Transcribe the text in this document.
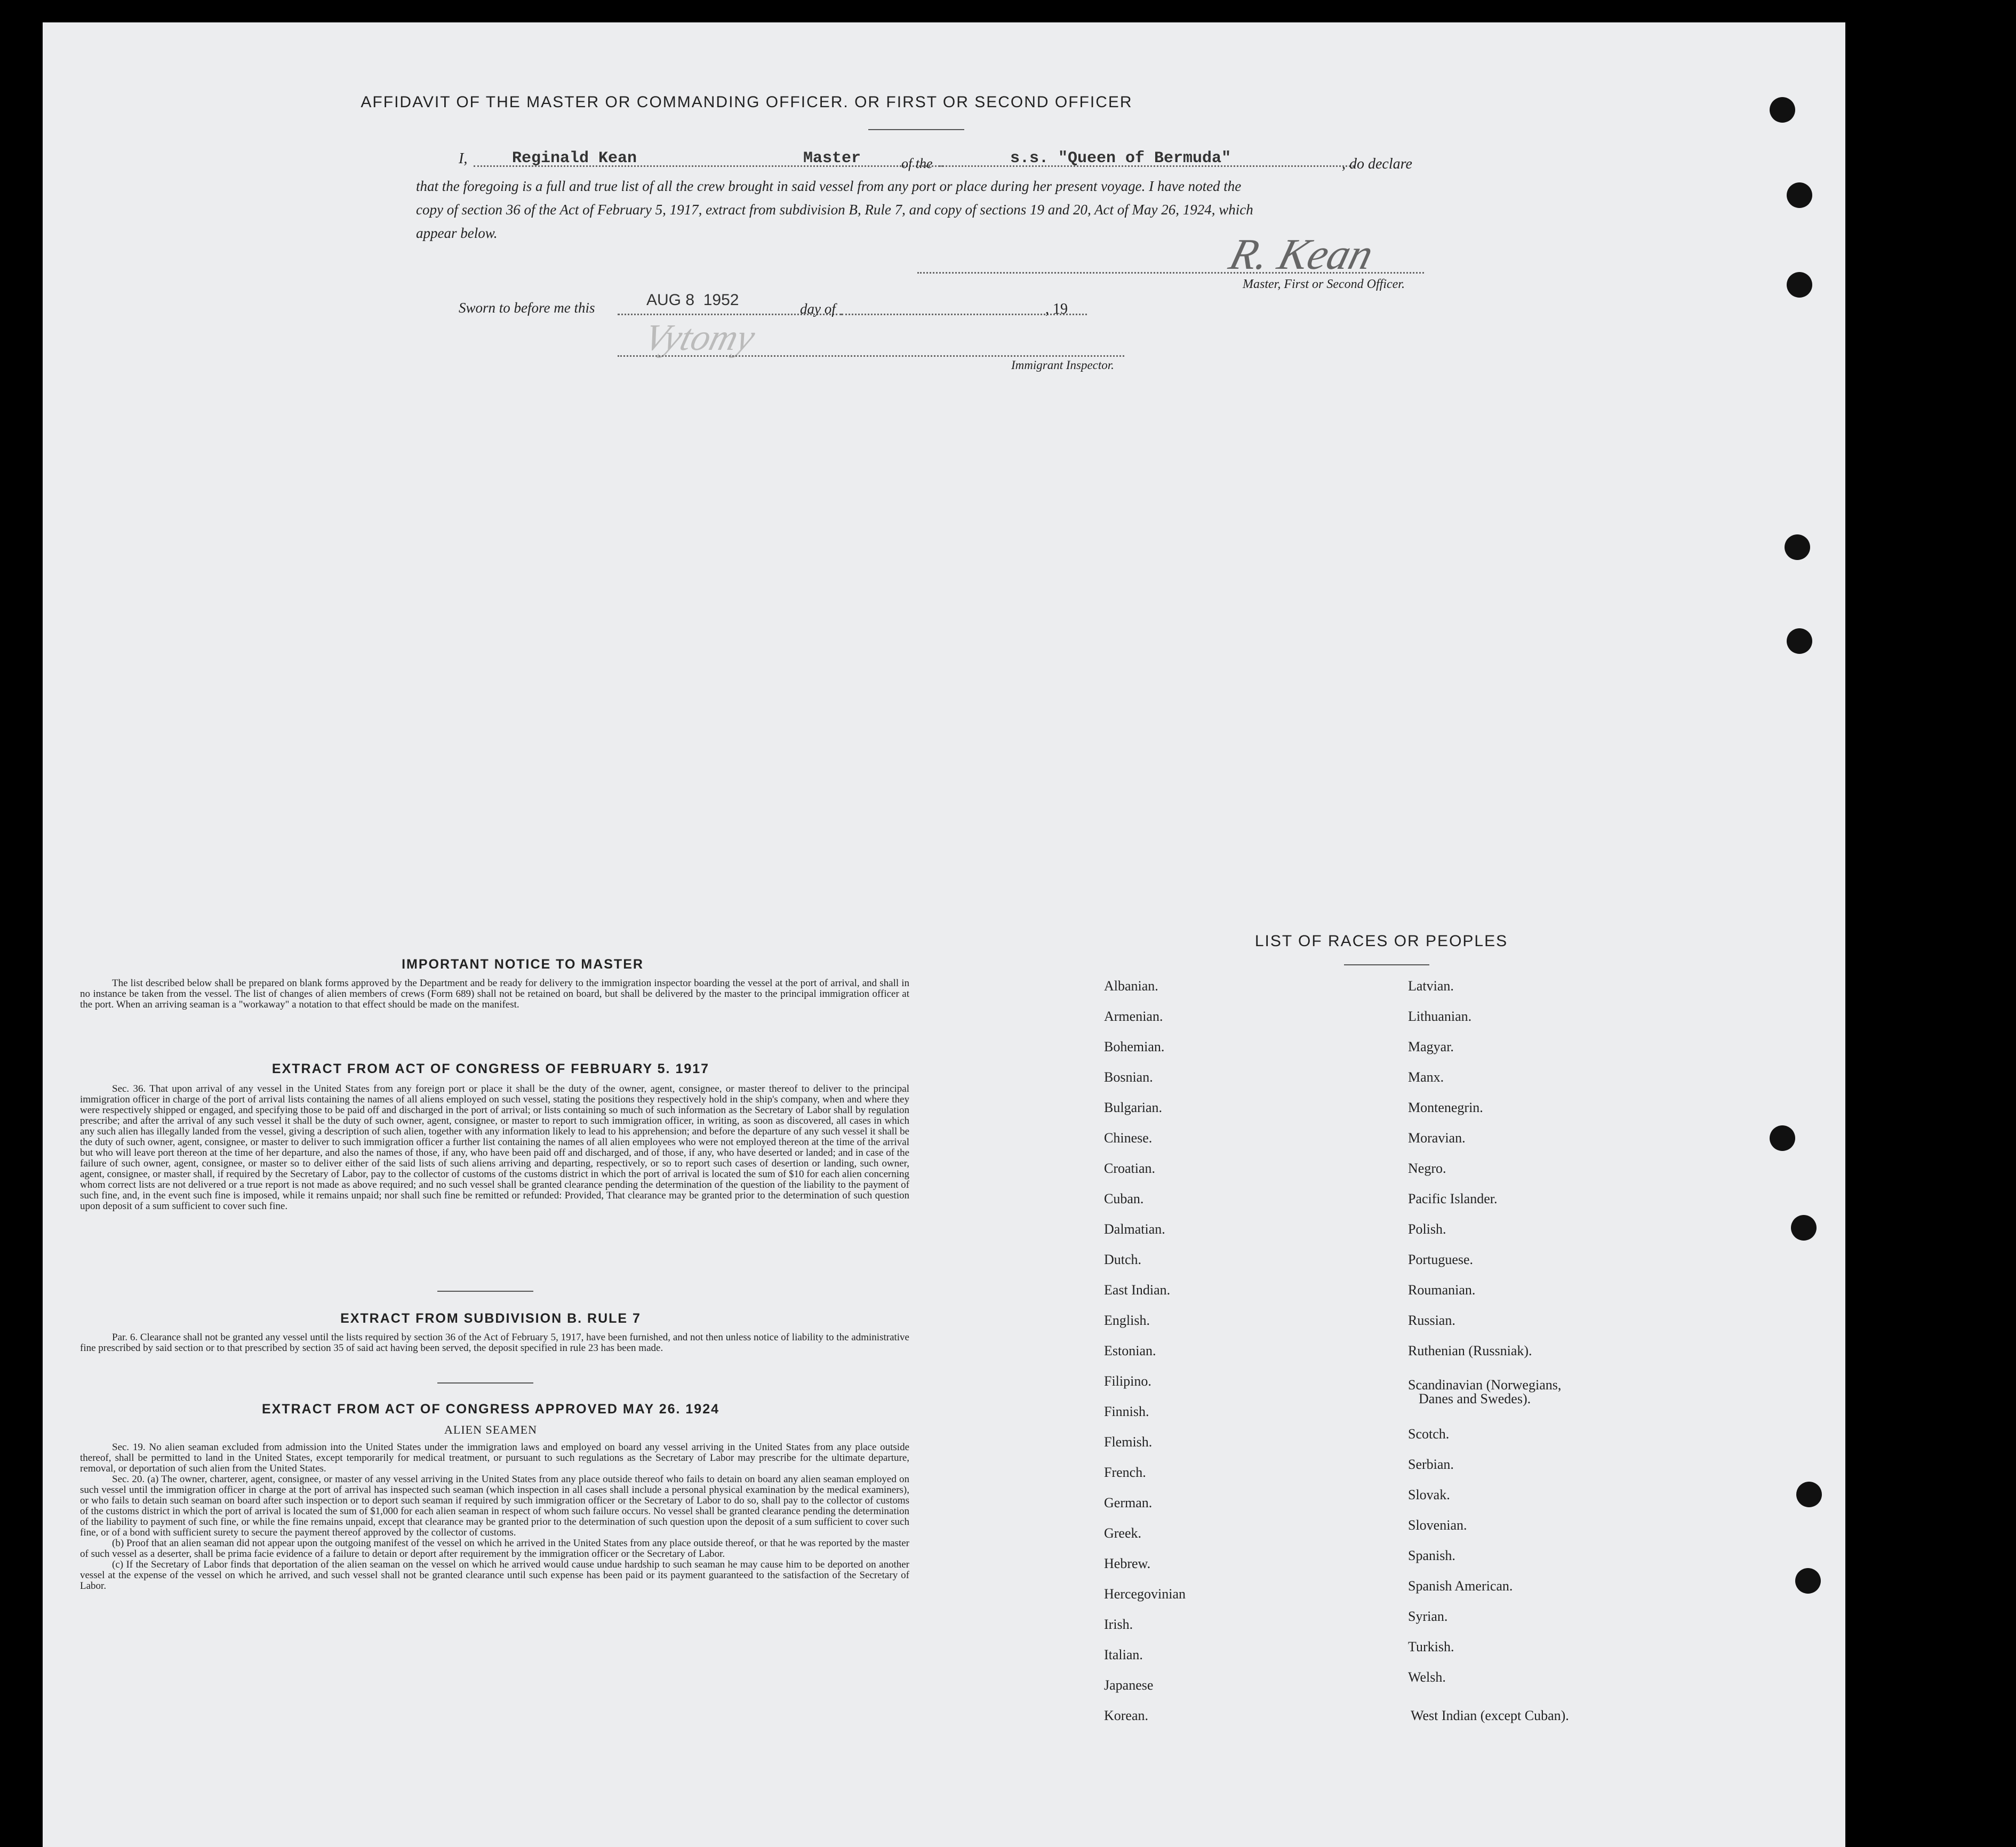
AFFIDAVIT OF THE MASTER OR COMMANDING OFFICER. OR FIRST OR SECOND OFFICER
I,	Reginald Kean	Master	of the	s.s. "Queen of Bermuda"	, do declare
that the foregoing is a full and true list of all the crew brought in said vessel from any port or place during her present voyage. I have noted the
copy of section 36 of the Act of February 5, 1917, extract from subdivision B, Rule 7, and copy of sections 19 and 20, Act of May 26, 1924, which
appear below.	R. Kean
Master, First or Second Officer.
Sworn to before me this	AUG 8  1952	day of	, 19
Vytomy
Immigrant Inspector.
IMPORTANT NOTICE TO MASTER

The list described below shall be prepared on blank forms approved by the Department and be ready for delivery to the immigration inspector boarding the vessel at the port of arrival, and shall in no instance be taken from the vessel. The list of changes of alien members of crews (Form 689) shall not be retained on board, but shall be delivered by the master to the principal immigration officer at the port. When an arriving seaman is a "workaway" a notation to that effect should be made on the manifest.

EXTRACT FROM ACT OF CONGRESS OF FEBRUARY 5. 1917

Sec. 36. That upon arrival of any vessel in the United States from any foreign port or place it shall be the duty of the owner, agent, consignee, or master thereof to deliver to the principal immigration officer in charge of the port of arrival lists containing the names of all aliens employed on such vessel, stating the positions they respectively hold in the ship's company, when and where they were respectively shipped or engaged, and specifying those to be paid off and discharged in the port of arrival; or lists containing so much of such information as the Secretary of Labor shall by regulation prescribe; and after the arrival of any such vessel it shall be the duty of such owner, agent, consignee, or master to report to such immigration officer, in writing, as soon as discovered, all cases in which any such alien has illegally landed from the vessel, giving a description of such alien, together with any information likely to lead to his apprehension; and before the departure of any such vessel it shall be the duty of such owner, agent, consignee, or master to deliver to such immigration officer a further list containing the names of all alien employees who were not employed thereon at the time of the arrival but who will leave port thereon at the time of her departure, and also the names of those, if any, who have been paid off and discharged, and of those, if any, who have deserted or landed; and in case of the failure of such owner, agent, consignee, or master so to deliver either of the said lists of such aliens arriving and departing, respectively, or so to report such cases of desertion or landing, such owner, agent, consignee, or master shall, if required by the Secretary of Labor, pay to the collector of customs of the customs district in which the port of arrival is located the sum of $10 for each alien concerning whom correct lists are not delivered or a true report is not made as above required; and no such vessel shall be granted clearance pending the determination of the question of the liability to the payment of such fine, and, in the event such fine is imposed, while it remains unpaid; nor shall such fine be remitted or refunded: Provided, That clearance may be granted prior to the determination of such question upon deposit of a sum sufficient to cover such fine.

EXTRACT FROM SUBDIVISION B. RULE 7

Par. 6. Clearance shall not be granted any vessel until the lists required by section 36 of the Act of February 5, 1917, have been furnished, and not then unless notice of liability to the administrative fine prescribed by said section or to that prescribed by section 35 of said act having been served, the deposit specified in rule 23 has been made.

EXTRACT FROM ACT OF CONGRESS APPROVED MAY 26. 1924
ALIEN SEAMEN

Sec. 19. No alien seaman excluded from admission into the United States under the immigration laws and employed on board any vessel arriving in the United States from any place outside thereof, shall be permitted to land in the United States, except temporarily for medical treatment, or pursuant to such regulations as the Secretary of Labor may prescribe for the ultimate departure, removal, or deportation of such alien from the United States.

Sec. 20. (a) The owner, charterer, agent, consignee, or master of any vessel arriving in the United States from any place outside thereof who fails to detain on board any alien seaman employed on such vessel until the immigration officer in charge at the port of arrival has inspected such seaman (which inspection in all cases shall include a personal physical examination by the medical examiners), or who fails to detain such seaman on board after such inspection or to deport such seaman if required by such immigration officer or the Secretary of Labor to do so, shall pay to the collector of customs of the customs district in which the port of arrival is located the sum of $1,000 for each alien seaman in respect of whom such failure occurs. No vessel shall be granted clearance pending the determination of the liability to payment of such fine, or while the fine remains unpaid, except that clearance may be granted prior to the determination of such question upon the deposit of a sum sufficient to cover such fine, or of a bond with sufficient surety to secure the payment thereof approved by the collector of customs.

(b) Proof that an alien seaman did not appear upon the outgoing manifest of the vessel on which he arrived in the United States from any place outside thereof, or that he was reported by the master of such vessel as a deserter, shall be prima facie evidence of a failure to detain or deport after requirement by the immigration officer or the Secretary of Labor.

(c) If the Secretary of Labor finds that deportation of the alien seaman on the vessel on which he arrived would cause undue hardship to such seaman he may cause him to be deported on another vessel at the expense of the vessel on which he arrived, and such vessel shall not be granted clearance until such expense has been paid or its payment guaranteed to the satisfaction of the Secretary of Labor.

LIST OF RACES OR PEOPLES
Albanian.
Armenian.
Bohemian.
Bosnian.
Bulgarian.
Chinese.
Croatian.
Cuban.
Dalmatian.
Dutch.
East Indian.
English.
Estonian.
Filipino.
Finnish.
Flemish.
French.
German.
Greek.
Hebrew.
Hercegovinian
Irish.
Italian.
Japanese
Korean.
Latvian.
Lithuanian.
Magyar.
Manx.
Montenegrin.
Moravian.
Negro.
Pacific Islander.
Polish.
Portuguese.
Roumanian.
Russian.
Ruthenian (Russniak).
Scandinavian (Norwegians,
Danes and Swedes).
Scotch.
Serbian.
Slovak.
Slovenian.
Spanish.
Spanish American.
Syrian.
Turkish.
Welsh.
West Indian (except Cuban).
